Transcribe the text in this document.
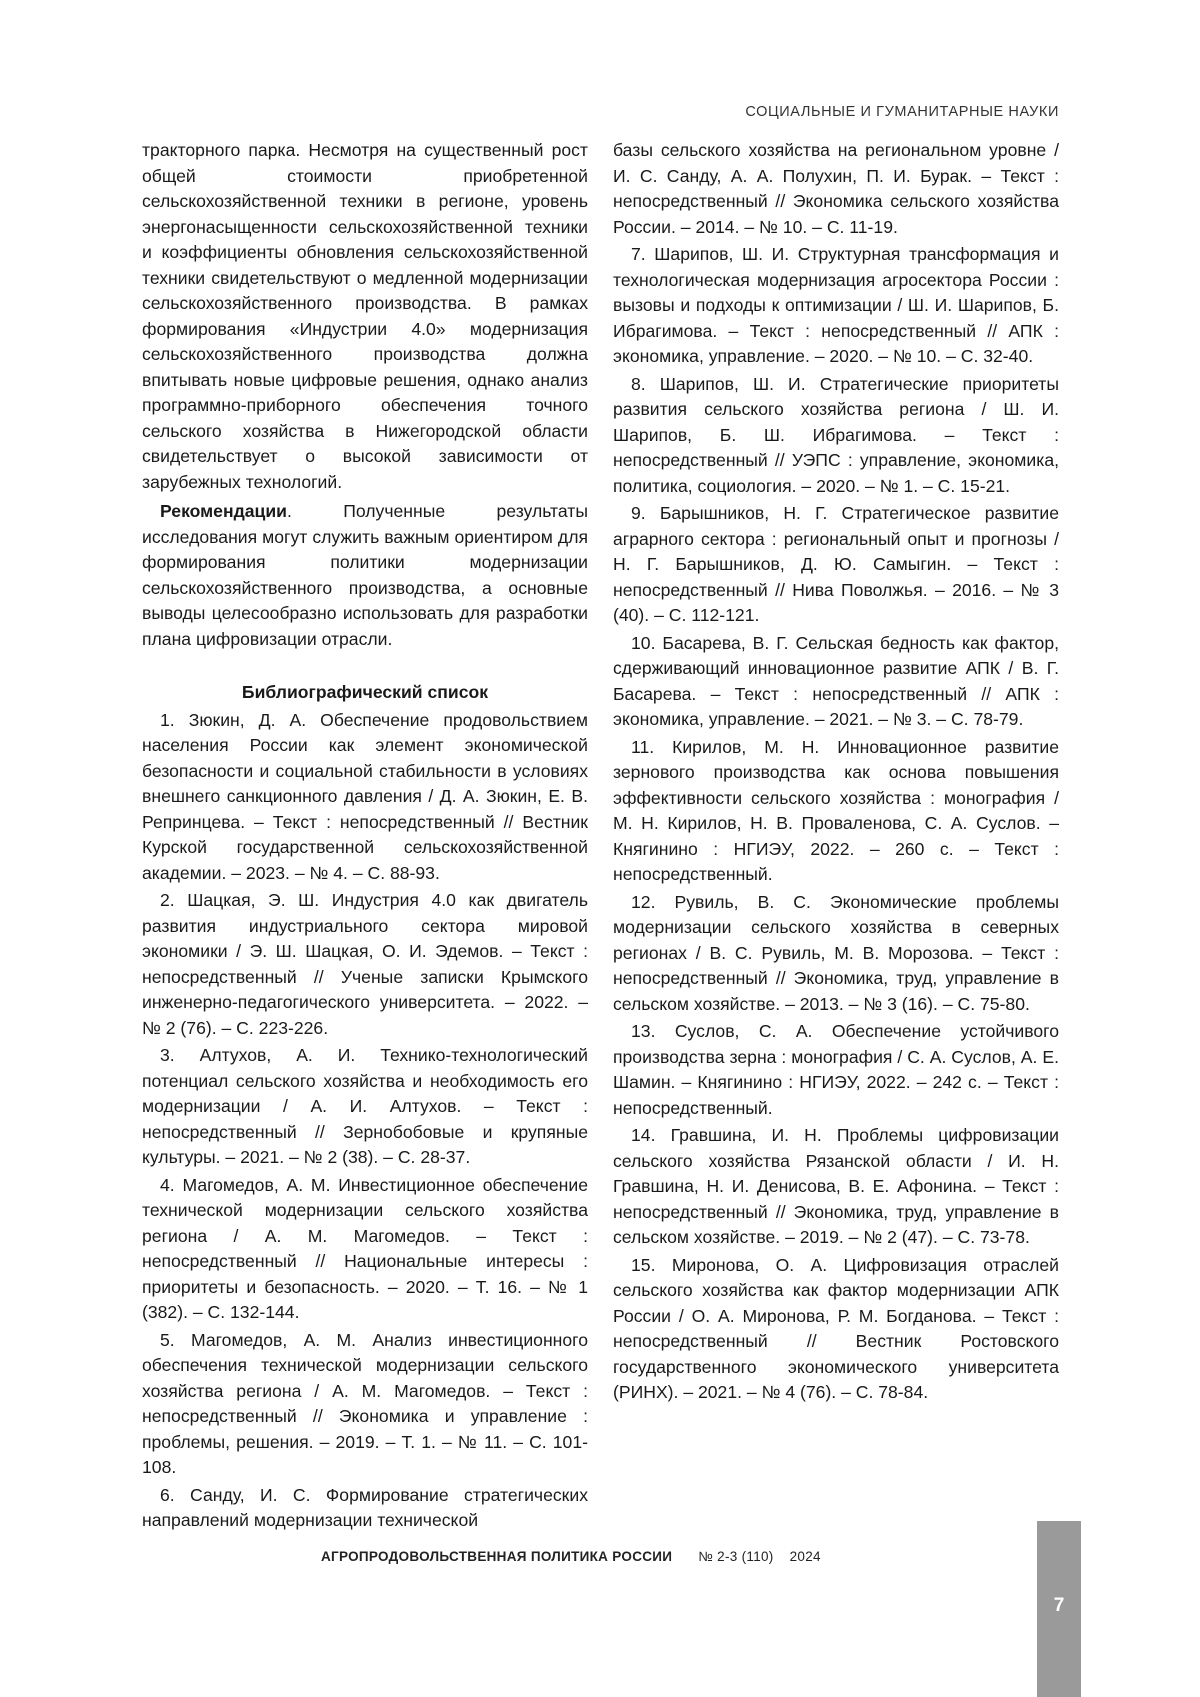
СОЦИАЛЬНЫЕ И ГУМАНИТАРНЫЕ НАУКИ

тракторного парка. Несмотря на существенный рост общей стоимости приобретенной сельскохозяйственной техники в регионе, уровень энергонасыщенности сельскохозяйственной техники и коэффициенты обновления сельскохозяйственной техники свидетельствуют о медленной модернизации сельскохозяйственного производства. В рамках формирования «Индустрии 4.0» модернизация сельскохозяйственного производства должна впитывать новые цифровые решения, однако анализ программно-приборного обеспечения точного сельского хозяйства в Нижегородской области свидетельствует о высокой зависимости от зарубежных технологий.

Рекомендации. Полученные результаты исследования могут служить важным ориентиром для формирования политики модернизации сельскохозяйственного производства, а основные выводы целесообразно использовать для разработки плана цифровизации отрасли.

Библиографический список

1. Зюкин, Д. А. Обеспечение продовольствием населения России как элемент экономической безопасности и социальной стабильности в условиях внешнего санкционного давления / Д. А. Зюкин, Е. В. Репринцева. – Текст : непосредственный // Вестник Курской государственной сельскохозяйственной академии. – 2023. – № 4. – С. 88-93.

2. Шацкая, Э. Ш. Индустрия 4.0 как двигатель развития индустриального сектора мировой экономики / Э. Ш. Шацкая, О. И. Эдемов. – Текст : непосредственный // Ученые записки Крымского инженерно-педагогического университета. – 2022. – № 2 (76). – С. 223-226.

3. Алтухов, А. И. Технико-технологический потенциал сельского хозяйства и необходимость его модернизации / А. И. Алтухов. – Текст : непосредственный // Зернобобовые и крупяные культуры. – 2021. – № 2 (38). – С. 28-37.

4. Магомедов, А. М. Инвестиционное обеспечение технической модернизации сельского хозяйства региона / А. М. Магомедов. – Текст : непосредственный // Национальные интересы : приоритеты и безопасность. – 2020. – Т. 16. – № 1 (382). – С. 132-144.

5. Магомедов, А. М. Анализ инвестиционного обеспечения технической модернизации сельского хозяйства региона / А. М. Магомедов. – Текст : непосредственный // Экономика и управление : проблемы, решения. – 2019. – Т. 1. – № 11. – С. 101-108.

6. Санду, И. С. Формирование стратегических направлений модернизации технической

базы сельского хозяйства на региональном уровне / И. С. Санду, А. А. Полухин, П. И. Бурак. – Текст : непосредственный // Экономика сельского хозяйства России. – 2014. – № 10. – С. 11-19.

7. Шарипов, Ш. И. Структурная трансформация и технологическая модернизация агросектора России : вызовы и подходы к оптимизации / Ш. И. Шарипов, Б. Ибрагимова. – Текст : непосредственный // АПК : экономика, управление. – 2020. – № 10. – С. 32-40.

8. Шарипов, Ш. И. Стратегические приоритеты развития сельского хозяйства региона / Ш. И. Шарипов, Б. Ш. Ибрагимова. – Текст : непосредственный // УЭПС : управление, экономика, политика, социология. – 2020. – № 1. – С. 15-21.

9. Барышников, Н. Г. Стратегическое развитие аграрного сектора : региональный опыт и прогнозы / Н. Г. Барышников, Д. Ю. Самыгин. – Текст : непосредственный // Нива Поволжья. – 2016. – № 3 (40). – С. 112-121.

10. Басарева, В. Г. Сельская бедность как фактор, сдерживающий инновационное развитие АПК / В. Г. Басарева. – Текст : непосредственный // АПК : экономика, управление. – 2021. – № 3. – С. 78-79.

11. Кирилов, М. Н. Инновационное развитие зернового производства как основа повышения эффективности сельского хозяйства : монография / М. Н. Кирилов, Н. В. Проваленова, С. А. Суслов. – Княгинино : НГИЭУ, 2022. – 260 с. – Текст : непосредственный.

12. Рувиль, В. С. Экономические проблемы модернизации сельского хозяйства в северных регионах / В. С. Рувиль, М. В. Морозова. – Текст : непосредственный // Экономика, труд, управление в сельском хозяйстве. – 2013. – № 3 (16). – С. 75-80.

13. Суслов, С. А. Обеспечение устойчивого производства зерна : монография / С. А. Суслов, А. Е. Шамин. – Княгинино : НГИЭУ, 2022. – 242 с. – Текст : непосредственный.

14. Гравшина, И. Н. Проблемы цифровизации сельского хозяйства Рязанской области / И. Н. Гравшина, Н. И. Денисова, В. Е. Афонина. – Текст : непосредственный // Экономика, труд, управление в сельском хозяйстве. – 2019. – № 2 (47). – С. 73-78.

15. Миронова, О. А. Цифровизация отраслей сельского хозяйства как фактор модернизации АПК России / О. А. Миронова, Р. М. Богданова. – Текст : непосредственный // Вестник Ростовского государственного экономического университета (РИНХ). – 2021. – № 4 (76). – С. 78-84.

АГРОПРОДОВОЛЬСТВЕННАЯ ПОЛИТИКА РОССИИ № 2-3 (110) 2024
7
